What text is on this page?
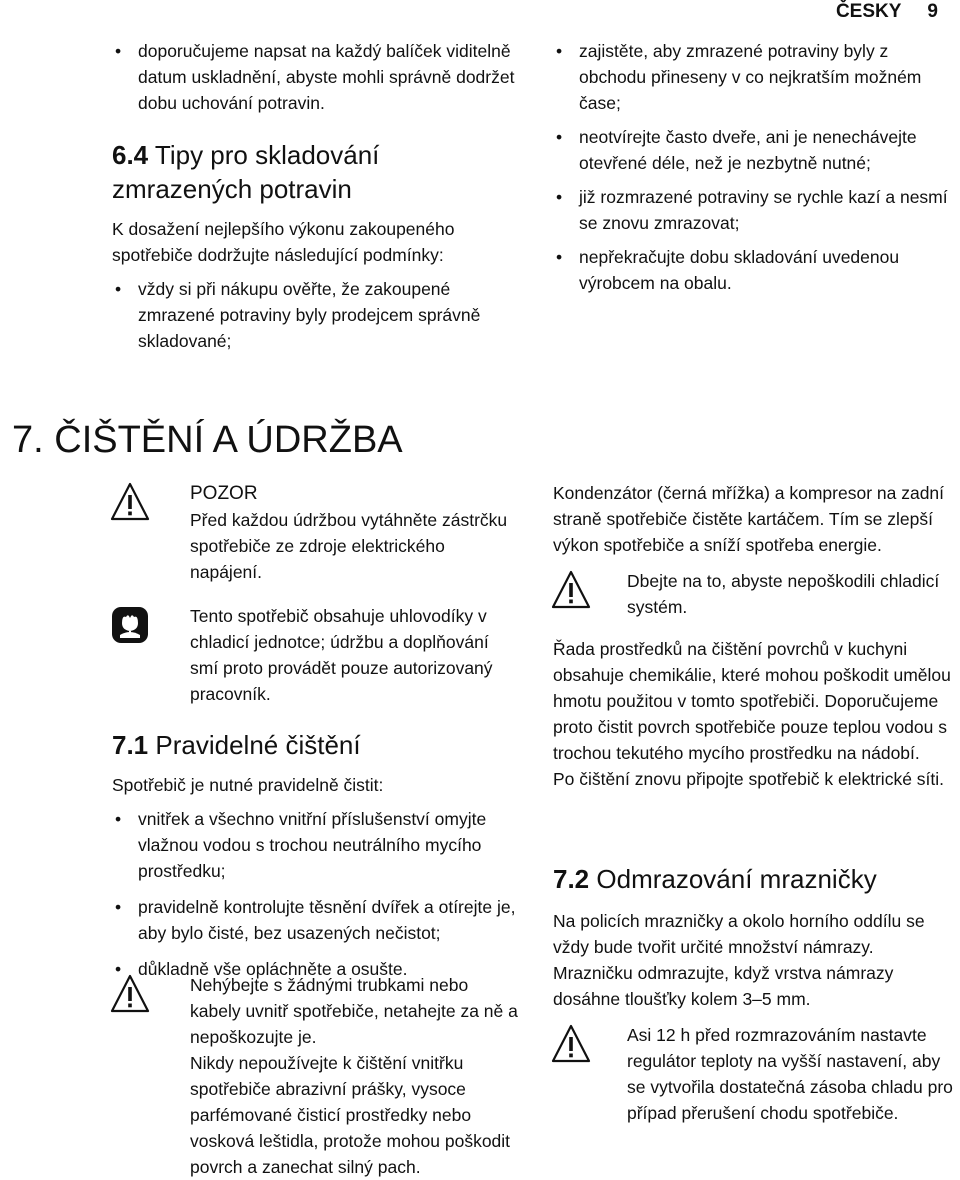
ČESKY 9
• doporučujeme napsat na každý balíček viditelně datum uskladnění, abyste mohli správně dodržet dobu uchování potravin.
6.4 Tipy pro skladování zmrazených potravin

K dosažení nejlepšího výkonu zakoupeného spotřebiče dodržujte následující podmínky:

• vždy si při nákupu ověřte, že zakoupené zmrazené potraviny byly prodejcem správně skladované;
• zajistěte, aby zmrazené potraviny byly z obchodu přineseny v co nejkratším možném čase;
• neotvírejte často dveře, ani je nenechávejte otevřené déle, než je nezbytně nutné;
• již rozmrazené potraviny se rychle kazí a nesmí se znovu zmrazovat;
• nepřekračujte dobu skladování uvedenou výrobcem na obalu.
7. ČIŠTĚNÍ A ÚDRŽBA

POZOR

Před každou údržbou vytáhněte zástrčku spotřebiče ze zdroje elektrického napájení.

Tento spotřebič obsahuje uhlovodíky v chladicí jednotce; údržbu a doplňování smí proto provádět pouze autorizovaný pracovník.

7.1 Pravidelné čištění

Spotřebič je nutné pravidelně čistit:

• vnitřek a všechno vnitřní příslušenství omyjte vlažnou vodou s trochou neutrálního mycího prostředku;
• pravidelně kontrolujte těsnění dvířek a otírejte je, aby bylo čisté, bez usazených nečistot;
• důkladně vše opláchněte a osušte.

Nehýbejte s žádnými trubkami nebo kabely uvnitř spotřebiče, netahejte za ně a nepoškozujte je.

Nikdy nepoužívejte k čištění vnitřku spotřebiče abrazivní prášky, vysoce parfémované čisticí prostředky nebo vosková leštidla, protože mohou poškodit povrch a zanechat silný pach.

Kondenzátor (černá mřížka) a kompresor na zadní straně spotřebiče čistěte kartáčem. Tím se zlepší výkon spotřebiče a sníží spotřeba energie.

Dbejte na to, abyste nepoškodili chladicí systém.

Řada prostředků na čištění povrchů v kuchyni obsahuje chemikálie, které mohou poškodit umělou hmotu použitou v tomto spotřebiči. Doporučujeme proto čistit povrch spotřebiče pouze teplou vodou s trochou tekutého mycího prostředku na nádobí.

Po čištění znovu připojte spotřebič k elektrické síti.

7.2 Odmrazování mrazničky

Na policích mrazničky a okolo horního oddílu se vždy bude tvořit určité množství námrazy. Mrazničku odmrazujte, když vrstva námrazy dosáhne tloušťky kolem 3–5 mm.

Asi 12 h před rozmrazováním nastavte regulátor teploty na vyšší nastavení, aby se vytvořila dostatečná zásoba chladu pro případ přerušení chodu spotřebiče.
